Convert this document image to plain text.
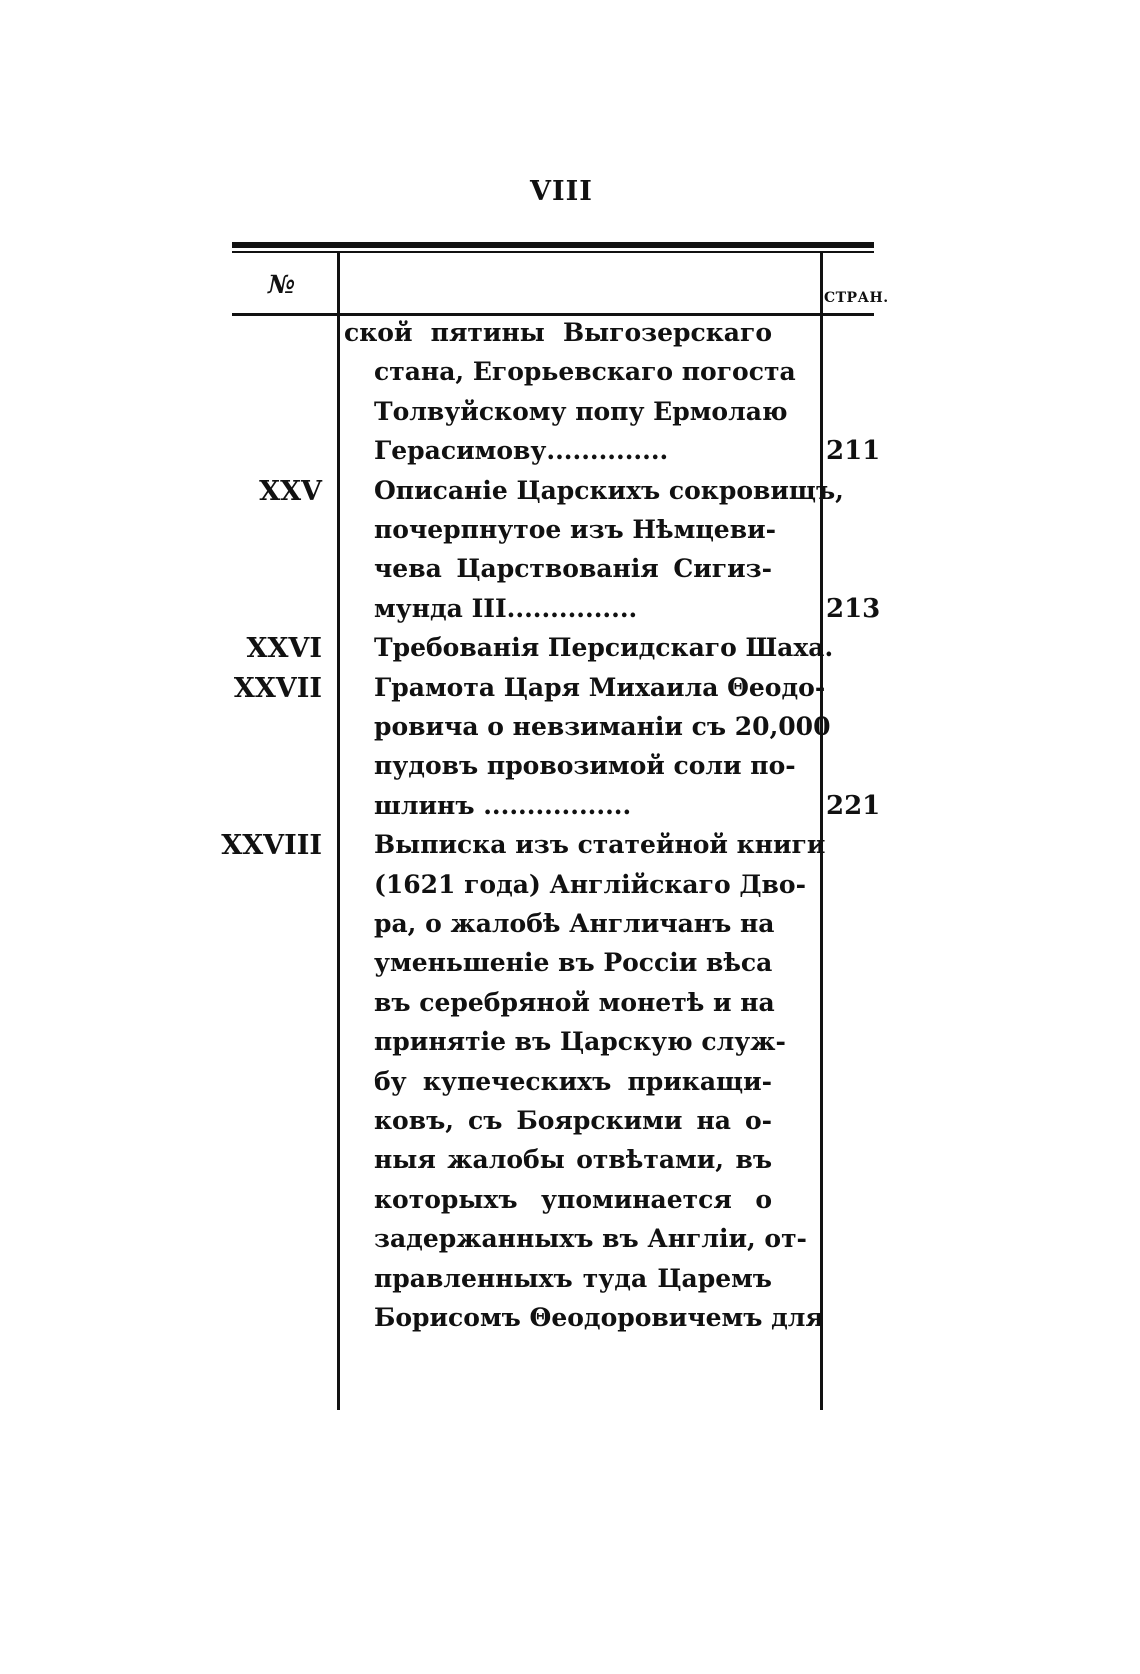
VIII
№	СТРАН.
ской пятины Выгозерскаго
стана, Егорьевскаго погоста
Толвуйскому попу Ермолаю
Герасимову..............	211
XXV Описаніе Царскихъ сокровищъ,
почерпнутое изъ Нѣмцеви-
чева Царствованія Сигиз-
мунда III...............	213
XXVI Требованія Персидскаго Шаха.
XXVII Грамота Царя Михаила Θеодо-
ровича о невзиманіи съ 20,000
пудовъ провозимой соли по-
шлинъ .................	221
XXVIII Выписка изъ статейной книги
(1621 года) Англійскаго Дво-
ра, о жалобѣ Англичанъ на
уменьшеніе въ Россіи вѣса
въ серебряной монетѣ и на
принятіе въ Царскую служ-
бу купеческихъ прикащи-
ковъ, съ Боярскими на о-
ныя жалобы отвѣтами, въ
которыхъ упоминается о
задержанныхъ въ Англіи, от-
правленныхъ туда Царемъ
Борисомъ Θеодоровичемъ для
